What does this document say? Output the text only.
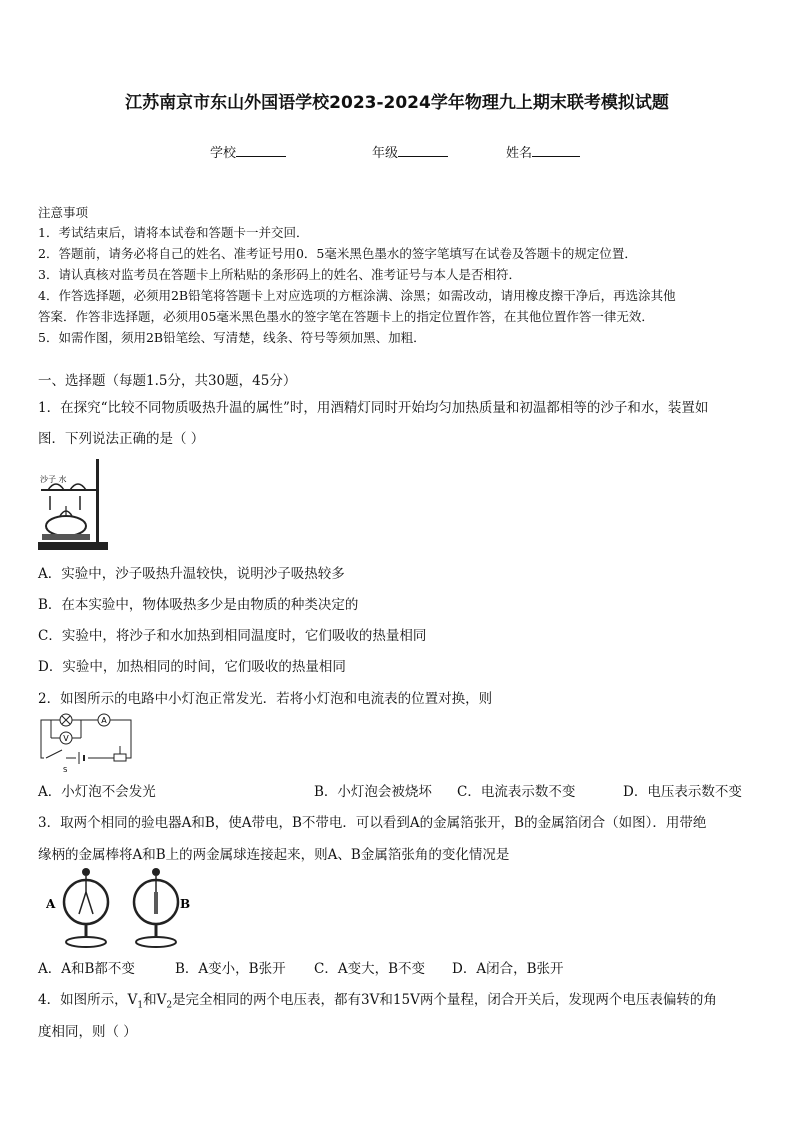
江苏南京市东山外国语学校2023-2024学年物理九上期末联考模拟试题
学校	年级	姓名
注意事项
1．考试结束后，请将本试卷和答题卡一并交回．
2．答题前，请务必将自己的姓名、准考证号用0．5毫米黑色墨水的签字笔填写在试卷及答题卡的规定位置．
3．请认真核对监考员在答题卡上所粘贴的条形码上的姓名、准考证号与本人是否相符．
4．作答选择题，必须用2B铅笔将答题卡上对应选项的方框涂满、涂黑；如需改动，请用橡皮擦干净后，再选涂其他
答案．作答非选择题，必须用05毫米黑色墨水的签字笔在答题卡上的指定位置作答，在其他位置作答一律无效．
5．如需作图，须用2B铅笔绘、写清楚，线条、符号等须加黑、加粗．
一、选择题（每题1.5分，共30题，45分）
1．在探究“比较不同物质吸热升温的属性”时，用酒精灯同时开始均匀加热质量和初温都相等的沙子和水，装置如
图．下列说法正确的是（ ）
沙子 水
A．实验中，沙子吸热升温较快，说明沙子吸热较多
B．在本实验中，物体吸热多少是由物质的种类决定的
C．实验中，将沙子和水加热到相同温度时，它们吸收的热量相同
D．实验中，加热相同的时间，它们吸收的热量相同
2．如图所示的电路中小灯泡正常发光．若将小灯泡和电流表的位置对换，则
A
V
S
A．小灯泡不会发光	B．小灯泡会被烧坏 C．电流表示数不变	D．电压表示数不变
3．取两个相同的验电器A和B，使A带电，B不带电．可以看到A的金属箔张开，B的金属箔闭合（如图）．用带绝
缘柄的金属棒将A和B上的两金属球连接起来，则A、B金属箔张角的变化情况是
A	B
A．A和B都不变	B．A变小，B张开 C．A变大，B不变 D．A闭合，B张开
4．如图所示，$V_1$和$V_2$是完全相同的两个电压表，都有3V和15V两个量程，闭合开关后，发现两个电压表偏转的角
度相同，则（ ）
